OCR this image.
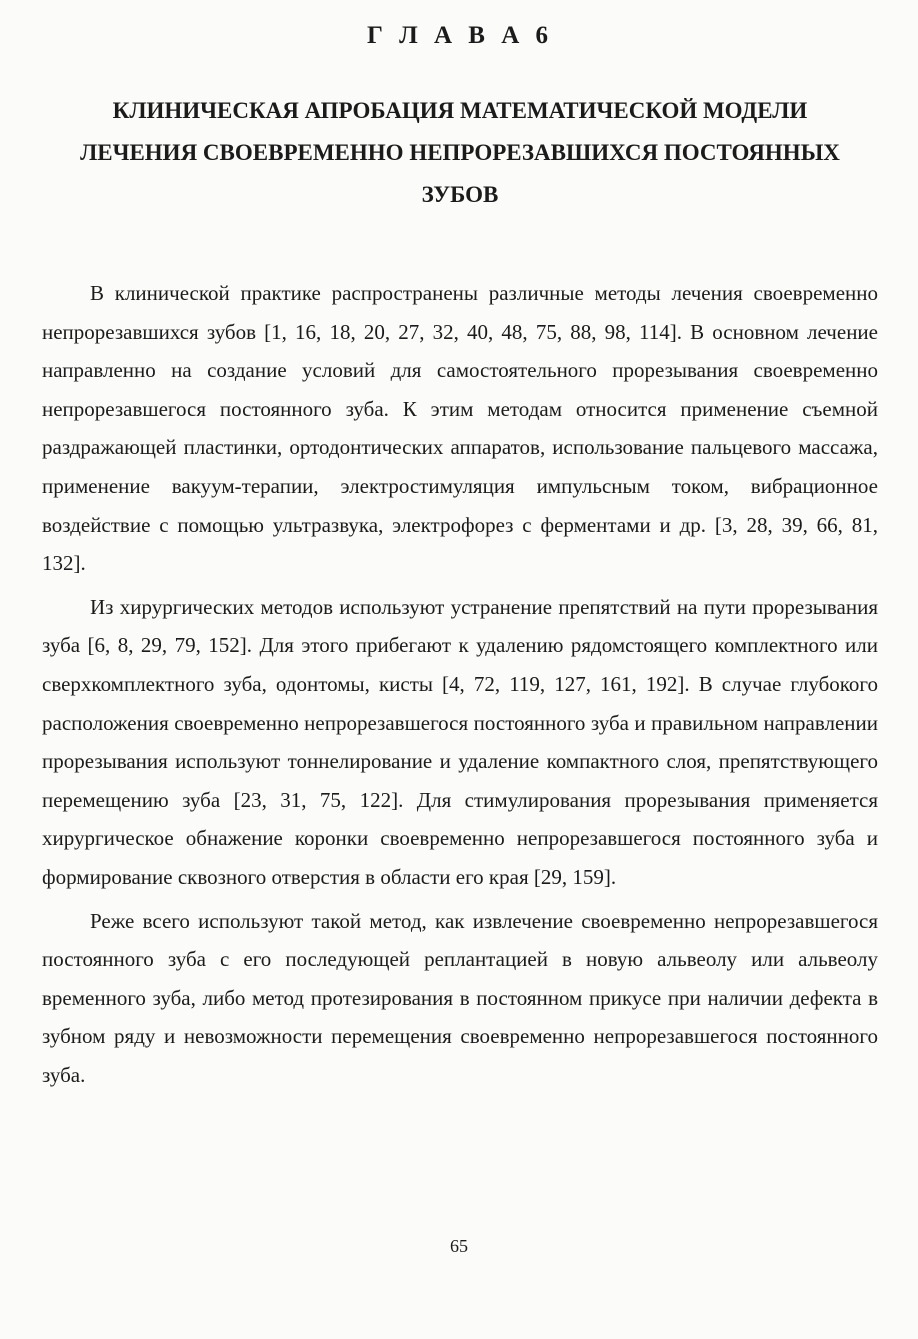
Г Л А В А 6
КЛИНИЧЕСКАЯ АПРОБАЦИЯ МАТЕМАТИЧЕСКОЙ МОДЕЛИ ЛЕЧЕНИЯ СВОЕВРЕМЕННО НЕПРОРЕЗАВШИХСЯ ПОСТОЯННЫХ ЗУБОВ

В клинической практике распространены различные методы лечения своевременно непрорезавшихся зубов [1, 16, 18, 20, 27, 32, 40, 48, 75, 88, 98, 114]. В основном лечение направленно на создание условий для самостоятельного прорезывания своевременно непрорезавшегося постоянного зуба. К этим методам относится применение съемной раздражающей пластинки, ортодонтических аппаратов, использование пальцевого массажа, применение вакуум-терапии, электростимуляция импульсным током, вибрационное воздействие с помощью ультразвука, электрофорез с ферментами и др. [3, 28, 39, 66, 81, 132].

Из хирургических методов используют устранение препятствий на пути прорезывания зуба [6, 8, 29, 79, 152]. Для этого прибегают к удалению рядомстоящего комплектного или сверхкомплектного зуба, одонтомы, кисты [4, 72, 119, 127, 161, 192]. В случае глубокого расположения своевременно непрорезавшегося постоянного зуба и правильном направлении прорезывания используют тоннелирование и удаление компактного слоя, препятствующего перемещению зуба [23, 31, 75, 122]. Для стимулирования прорезывания применяется хирургическое обнажение коронки своевременно непрорезавшегося постоянного зуба и формирование сквозного отверстия в области его края [29, 159].

Реже всего используют такой метод, как извлечение своевременно непрорезавшегося постоянного зуба с его последующей реплантацией в новую альвеолу или альвеолу временного зуба, либо метод протезирования в постоянном прикусе при наличии дефекта в зубном ряду и невозможности перемещения своевременно непрорезавшегося постоянного зуба.

65
